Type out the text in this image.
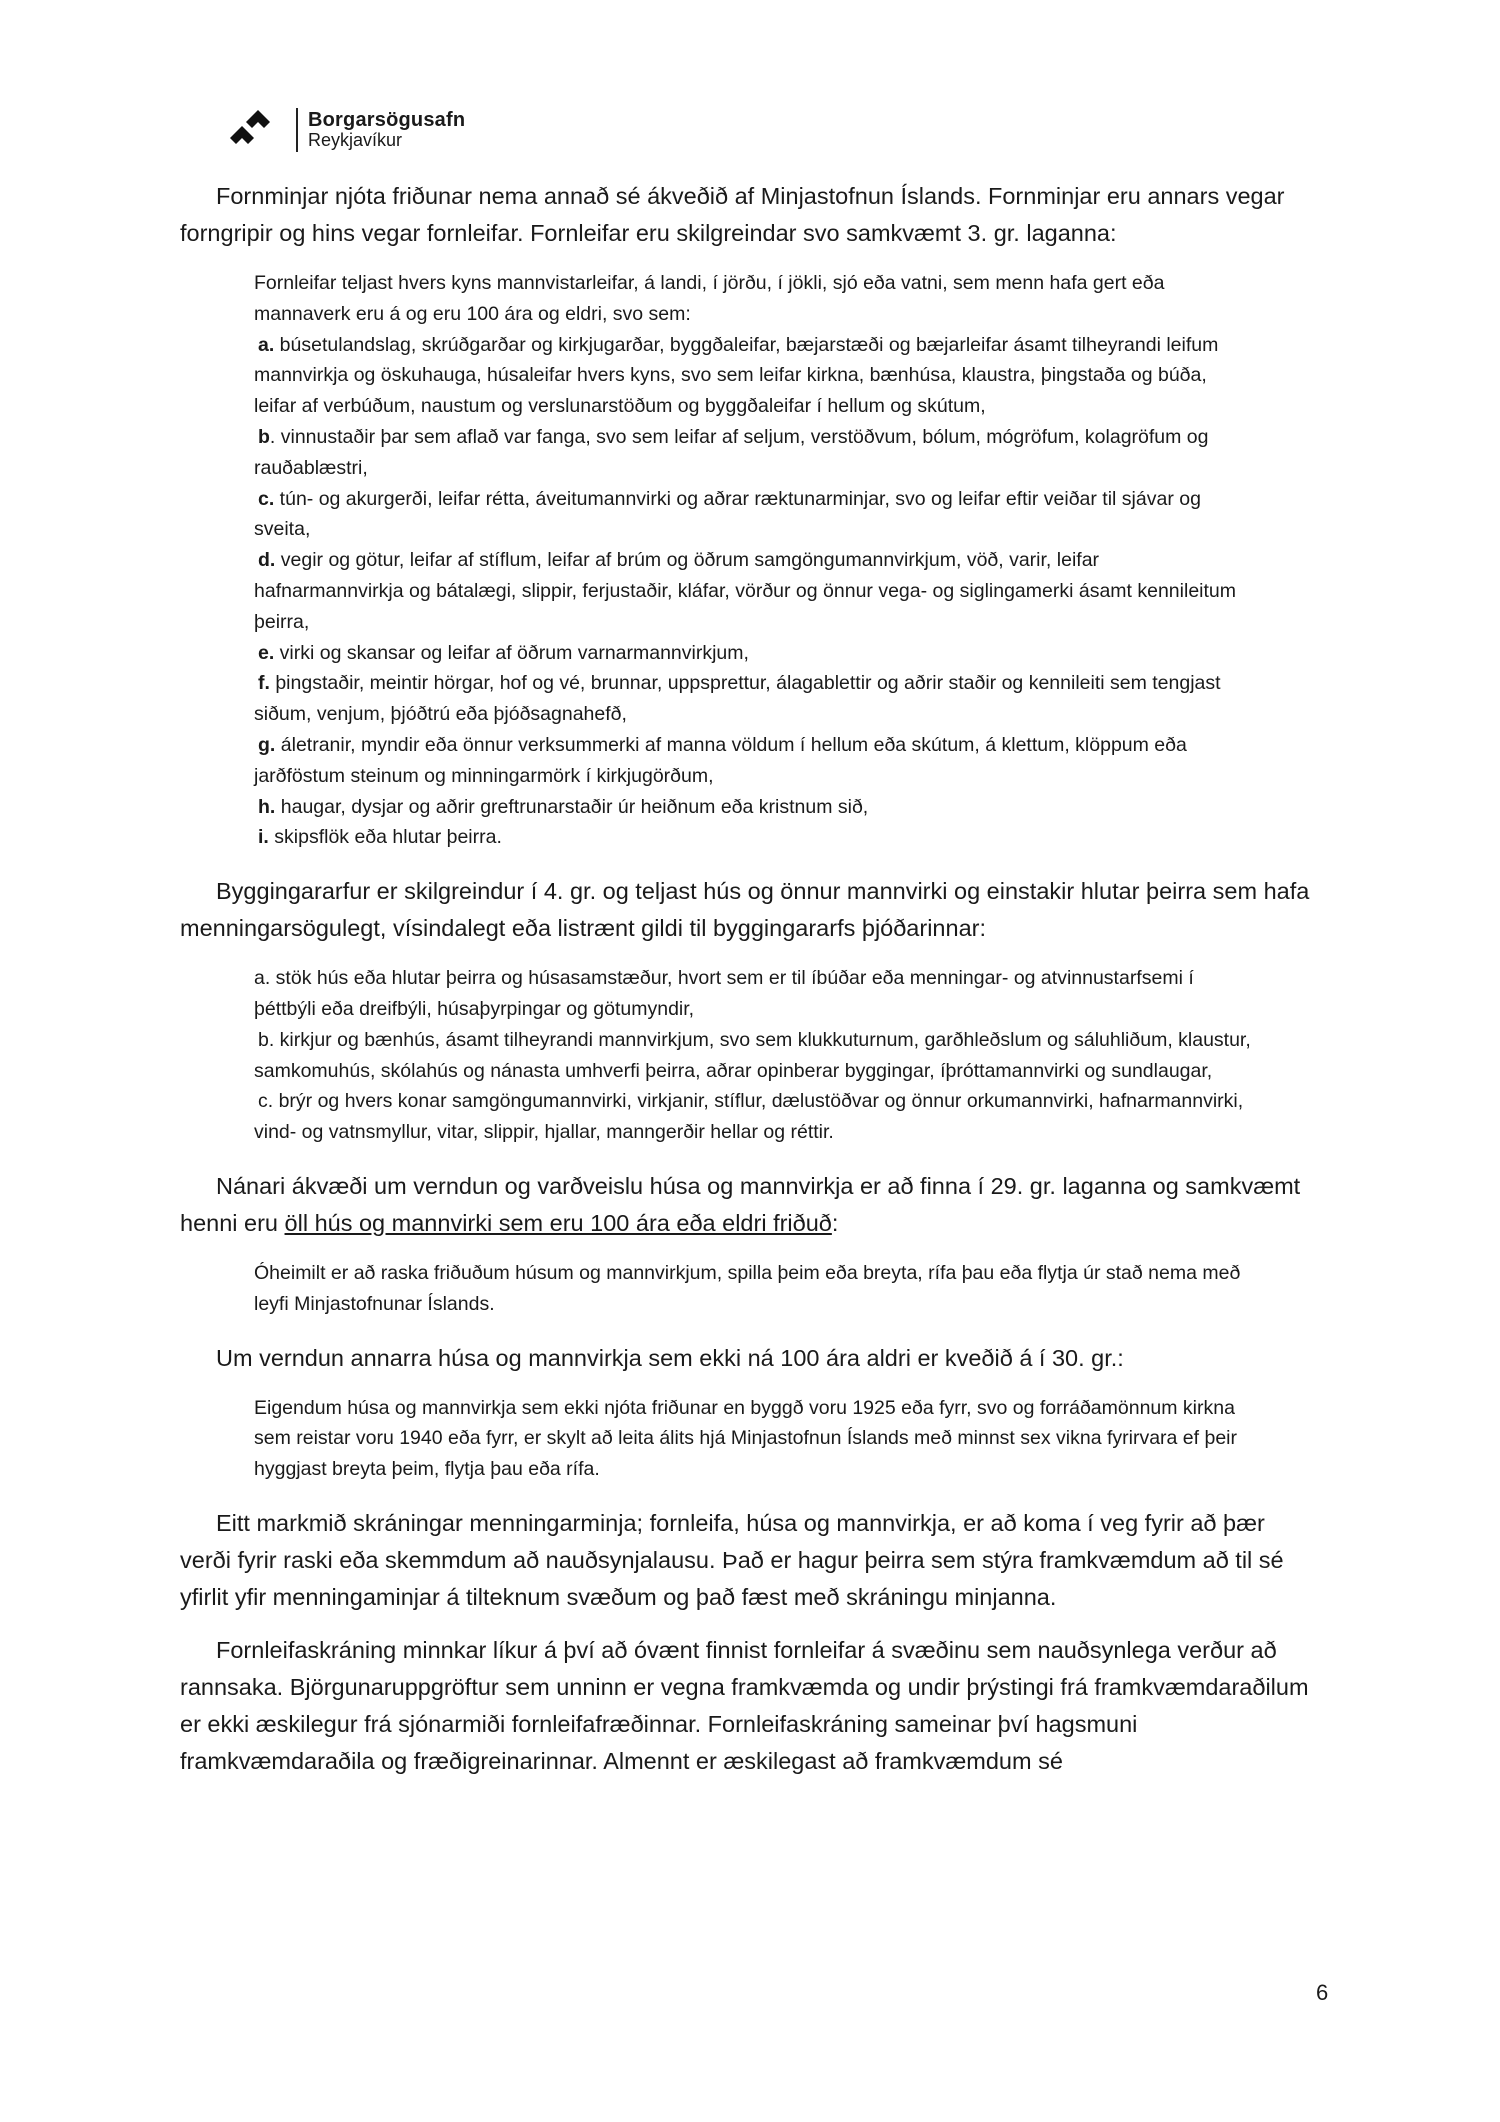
Borgarsögusafn
Reykjavíkur

Fornminjar njóta friðunar nema annað sé ákveðið af Minjastofnun Íslands. Fornminjar eru annars vegar forngripir og hins vegar fornleifar. Fornleifar eru skilgreindar svo samkvæmt 3. gr. laganna:

Fornleifar teljast hvers kyns mannvistarleifar, á landi, í jörðu, í jökli, sjó eða vatni, sem menn hafa gert eða mannaverk eru á og eru 100 ára og eldri, svo sem:
a. búsetulandslag, skrúðgarðar og kirkjugarðar, byggðaleifar, bæjarstæði og bæjarleifar ásamt tilheyrandi leifum mannvirkja og öskuhauga, húsaleifar hvers kyns, svo sem leifar kirkna, bænhúsa, klaustra, þingstaða og búða, leifar af verbúðum, naustum og verslunarstöðum og byggðaleifar í hellum og skútum,
b. vinnustaðir þar sem aflað var fanga, svo sem leifar af seljum, verstöðvum, bólum, mógröfum, kolagröfum og rauðablæstri,
c. tún- og akurgerði, leifar rétta, áveitumannvirki og aðrar ræktunarminjar, svo og leifar eftir veiðar til sjávar og sveita,
d. vegir og götur, leifar af stíflum, leifar af brúm og öðrum samgöngumannvirkjum, vöð, varir, leifar hafnarmannvirkja og bátalægi, slippir, ferjustaðir, kláfar, vörður og önnur vega- og siglingamerki ásamt kennileitum þeirra,
e. virki og skansar og leifar af öðrum varnarmannvirkjum,
f. þingstaðir, meintir hörgar, hof og vé, brunnar, uppsprettur, álagablettir og aðrir staðir og kennileiti sem tengjast siðum, venjum, þjóðtrú eða þjóðsagnahefð,
g. áletranir, myndir eða önnur verksummerki af manna völdum í hellum eða skútum, á klettum, klöppum eða jarðföstum steinum og minningarmörk í kirkjugörðum,
h. haugar, dysjar og aðrir greftrunarstaðir úr heiðnum eða kristnum sið,
i. skipsflök eða hlutar þeirra.

Byggingararfur er skilgreindur í 4. gr. og teljast hús og önnur mannvirki og einstakir hlutar þeirra sem hafa menningarsögulegt, vísindalegt eða listrænt gildi til byggingararfs þjóðarinnar:

a. stök hús eða hlutar þeirra og húsasamstæður, hvort sem er til íbúðar eða menningar- og atvinnustarfsemi í þéttbýli eða dreifbýli, húsaþyrpingar og götumyndir,
b. kirkjur og bænhús, ásamt tilheyrandi mannvirkjum, svo sem klukkuturnum, garðhleðslum og sáluhliðum, klaustur, samkomuhús, skólahús og nánasta umhverfi þeirra, aðrar opinberar byggingar, íþróttamannvirki og sundlaugar,
c. brýr og hvers konar samgöngumannvirki, virkjanir, stíflur, dælustöðvar og önnur orkumannvirki, hafnarmannvirki, vind- og vatnsmyllur, vitar, slippir, hjallar, manngerðir hellar og réttir.

Nánari ákvæði um verndun og varðveislu húsa og mannvirkja er að finna í 29. gr. laganna og samkvæmt henni eru öll hús og mannvirki sem eru 100 ára eða eldri friðuð:

Óheimilt er að raska friðuðum húsum og mannvirkjum, spilla þeim eða breyta, rífa þau eða flytja úr stað nema með leyfi Minjastofnunar Íslands.

Um verndun annarra húsa og mannvirkja sem ekki ná 100 ára aldri er kveðið á í 30. gr.:

Eigendum húsa og mannvirkja sem ekki njóta friðunar en byggð voru 1925 eða fyrr, svo og forráðamönnum kirkna sem reistar voru 1940 eða fyrr, er skylt að leita álits hjá Minjastofnun Íslands með minnst sex vikna fyrirvara ef þeir hyggjast breyta þeim, flytja þau eða rífa.

Eitt markmið skráningar menningarminja; fornleifa, húsa og mannvirkja, er að koma í veg fyrir að þær verði fyrir raski eða skemmdum að nauðsynjalausu. Það er hagur þeirra sem stýra framkvæmdum að til sé yfirlit yfir menningaminjar á tilteknum svæðum og það fæst með skráningu minjanna.

Fornleifaskráning minnkar líkur á því að óvænt finnist fornleifar á svæðinu sem nauðsynlega verður að rannsaka. Björgunaruppgröftur sem unninn er vegna framkvæmda og undir þrýstingi frá framkvæmdaraðilum er ekki æskilegur frá sjónarmiði fornleifafræðinnar. Fornleifaskráning sameinar því hagsmuni framkvæmdaraðila og fræðigreinarinnar. Almennt er æskilegast að framkvæmdum sé

6
